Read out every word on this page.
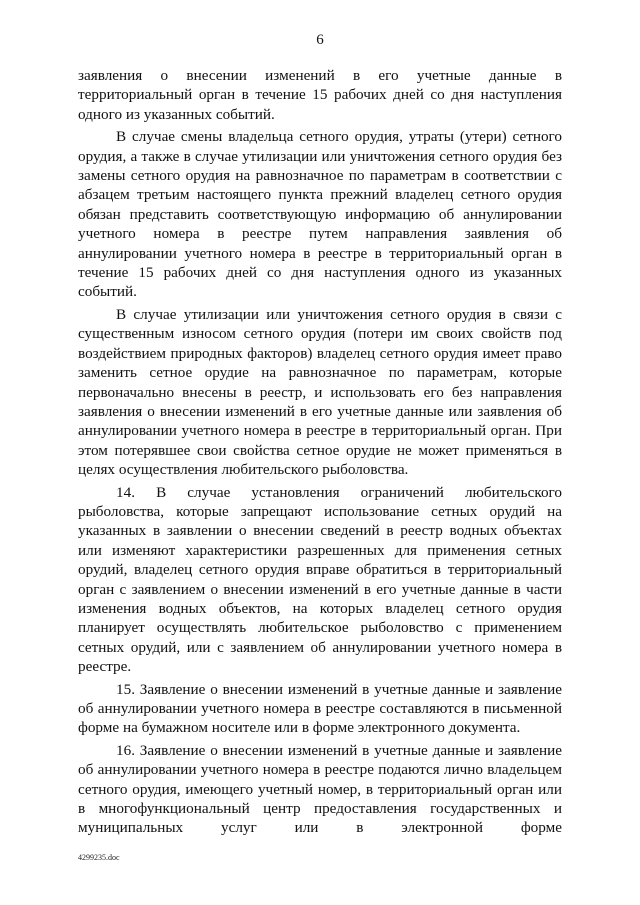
6

заявления о внесении изменений в его учетные данные в территориальный орган в течение 15 рабочих дней со дня наступления одного из указанных событий.

В случае смены владельца сетного орудия, утраты (утери) сетного орудия, а также в случае утилизации или уничтожения сетного орудия без замены сетного орудия на равнозначное по параметрам в соответствии с абзацем третьим настоящего пункта прежний владелец сетного орудия обязан представить соответствующую информацию об аннулировании учетного номера в реестре путем направления заявления об аннулировании учетного номера в реестре в территориальный орган в течение 15 рабочих дней со дня наступления одного из указанных событий.

В случае утилизации или уничтожения сетного орудия в связи с существенным износом сетного орудия (потери им своих свойств под воздействием природных факторов) владелец сетного орудия имеет право заменить сетное орудие на равнозначное по параметрам, которые первоначально внесены в реестр, и использовать его без направления заявления о внесении изменений в его учетные данные или заявления об аннулировании учетного номера в реестре в территориальный орган. При этом потерявшее свои свойства сетное орудие не может применяться в целях осуществления любительского рыболовства.

14. В случае установления ограничений любительского рыболовства, которые запрещают использование сетных орудий на указанных в заявлении о внесении сведений в реестр водных объектах или изменяют характеристики разрешенных для применения сетных орудий, владелец сетного орудия вправе обратиться в территориальный орган с заявлением о внесении изменений в его учетные данные в части изменения водных объектов, на которых владелец сетного орудия планирует осуществлять любительское рыболовство с применением сетных орудий, или с заявлением об аннулировании учетного номера в реестре.

15. Заявление о внесении изменений в учетные данные и заявление об аннулировании учетного номера в реестре составляются в письменной форме на бумажном носителе или в форме электронного документа.

16. Заявление о внесении изменений в учетные данные и заявление об аннулировании учетного номера в реестре подаются лично владельцем сетного орудия, имеющего учетный номер, в территориальный орган или в многофункциональный центр предоставления государственных и муниципальных услуг или в электронной форме

4299235.doc
